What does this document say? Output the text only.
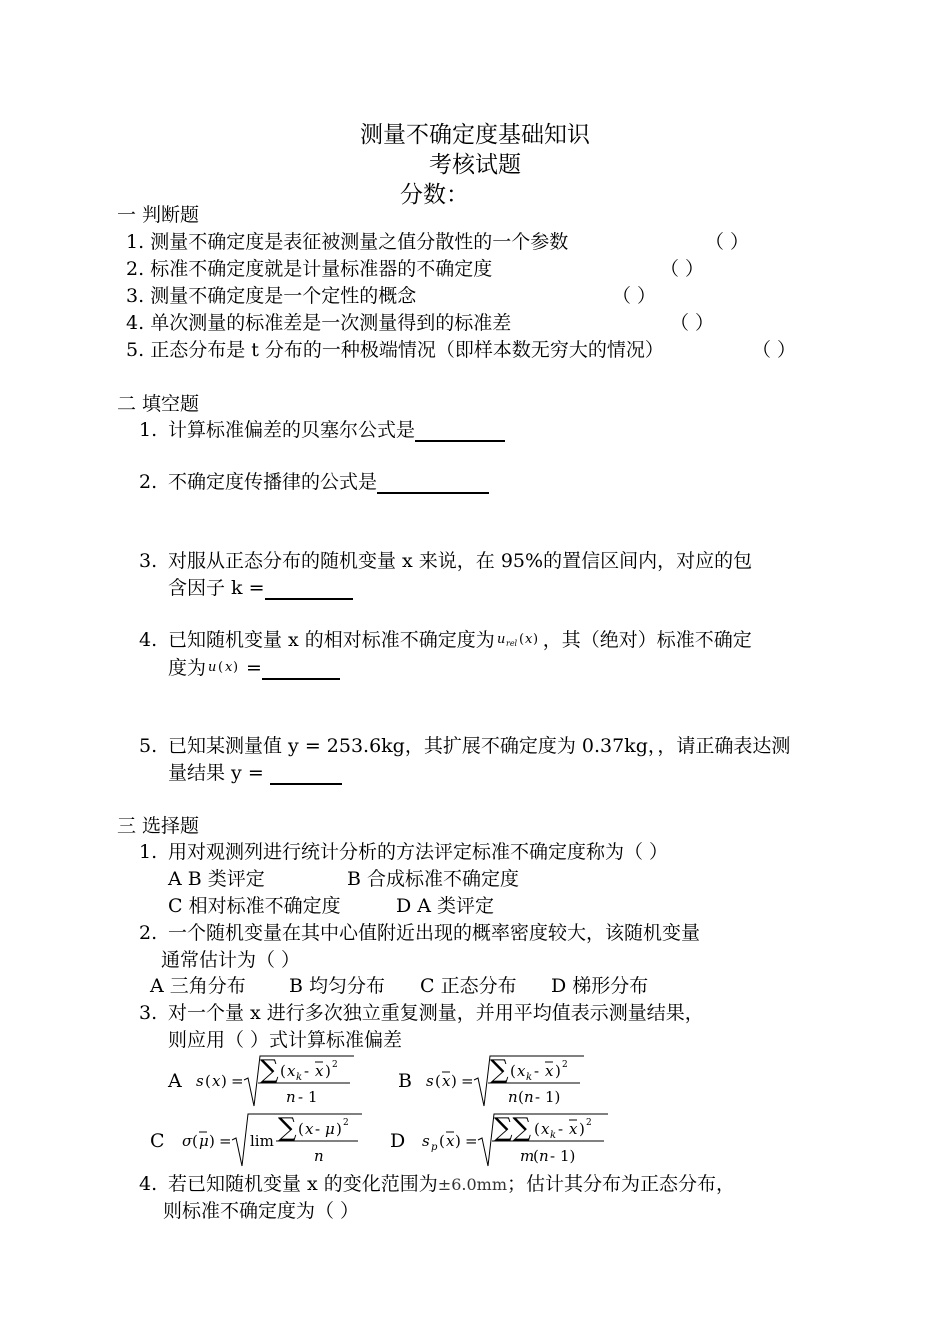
测量不确定度基础知识
考核试题
分数：
一 判断题
1. 测量不确定度是表征被测量之值分散性的一个参数	（ ）
2. 标准不确定度就是计量标准器的不确定度	（ ）
3. 测量不确定度是一个定性的概念	（ ）
4. 单次测量的标准差是一次测量得到的标准差	（ ）
5. 正态分布是 t 分布的一种极端情况（即样本数无穷大的情况）	（ ）
二 填空题
1. 计算标准偏差的贝塞尔公式是
2. 不确定度传播律的公式是
3. 对服从正态分布的随机变量 x 来说，在 95%的置信区间内，对应的包
含因子 k =
4. 已知随机变量 x 的相对标准不确定度为 u rel ( x ) ，其（绝对）标准不确定
度为 u ( x ) =
5. 已知某测量值 y = 253.6kg，其扩展不确定度为 0.37kg，，请正确表达测
量结果 y =
三 选择题
1. 用对观测列进行统计分析的方法评定标准不确定度称为（ ）
A B 类评定	B 合成标准不确定度
C 相对标准不确定度	D A 类评定
2. 一个随机变量在其中心值附近出现的概率密度较大，该随机变量
通常估计为（ ）
A 三角分布 B 均匀分布 C 正态分布 D 梯形分布
3. 对一个量 x 进行多次独立重复测量，并用平均值表示测量结果，
则应用（ ）式计算标准偏差
A s ( x ) = ∑ ( x k - x ) 2
n - 1
B s ( x ) = ∑ ( x k - x ) 2
n ( n - 1)
C σ ( μ ) = lim ∑ ( x - μ ) 2
n
D s p ( x ) = ∑∑ ( x k - x ) 2
m
( n - 1)
4. 若已知随机变量 x 的变化范围为±6.0mm；估计其分布为正态分布，
则标准不确定度为（ ）
